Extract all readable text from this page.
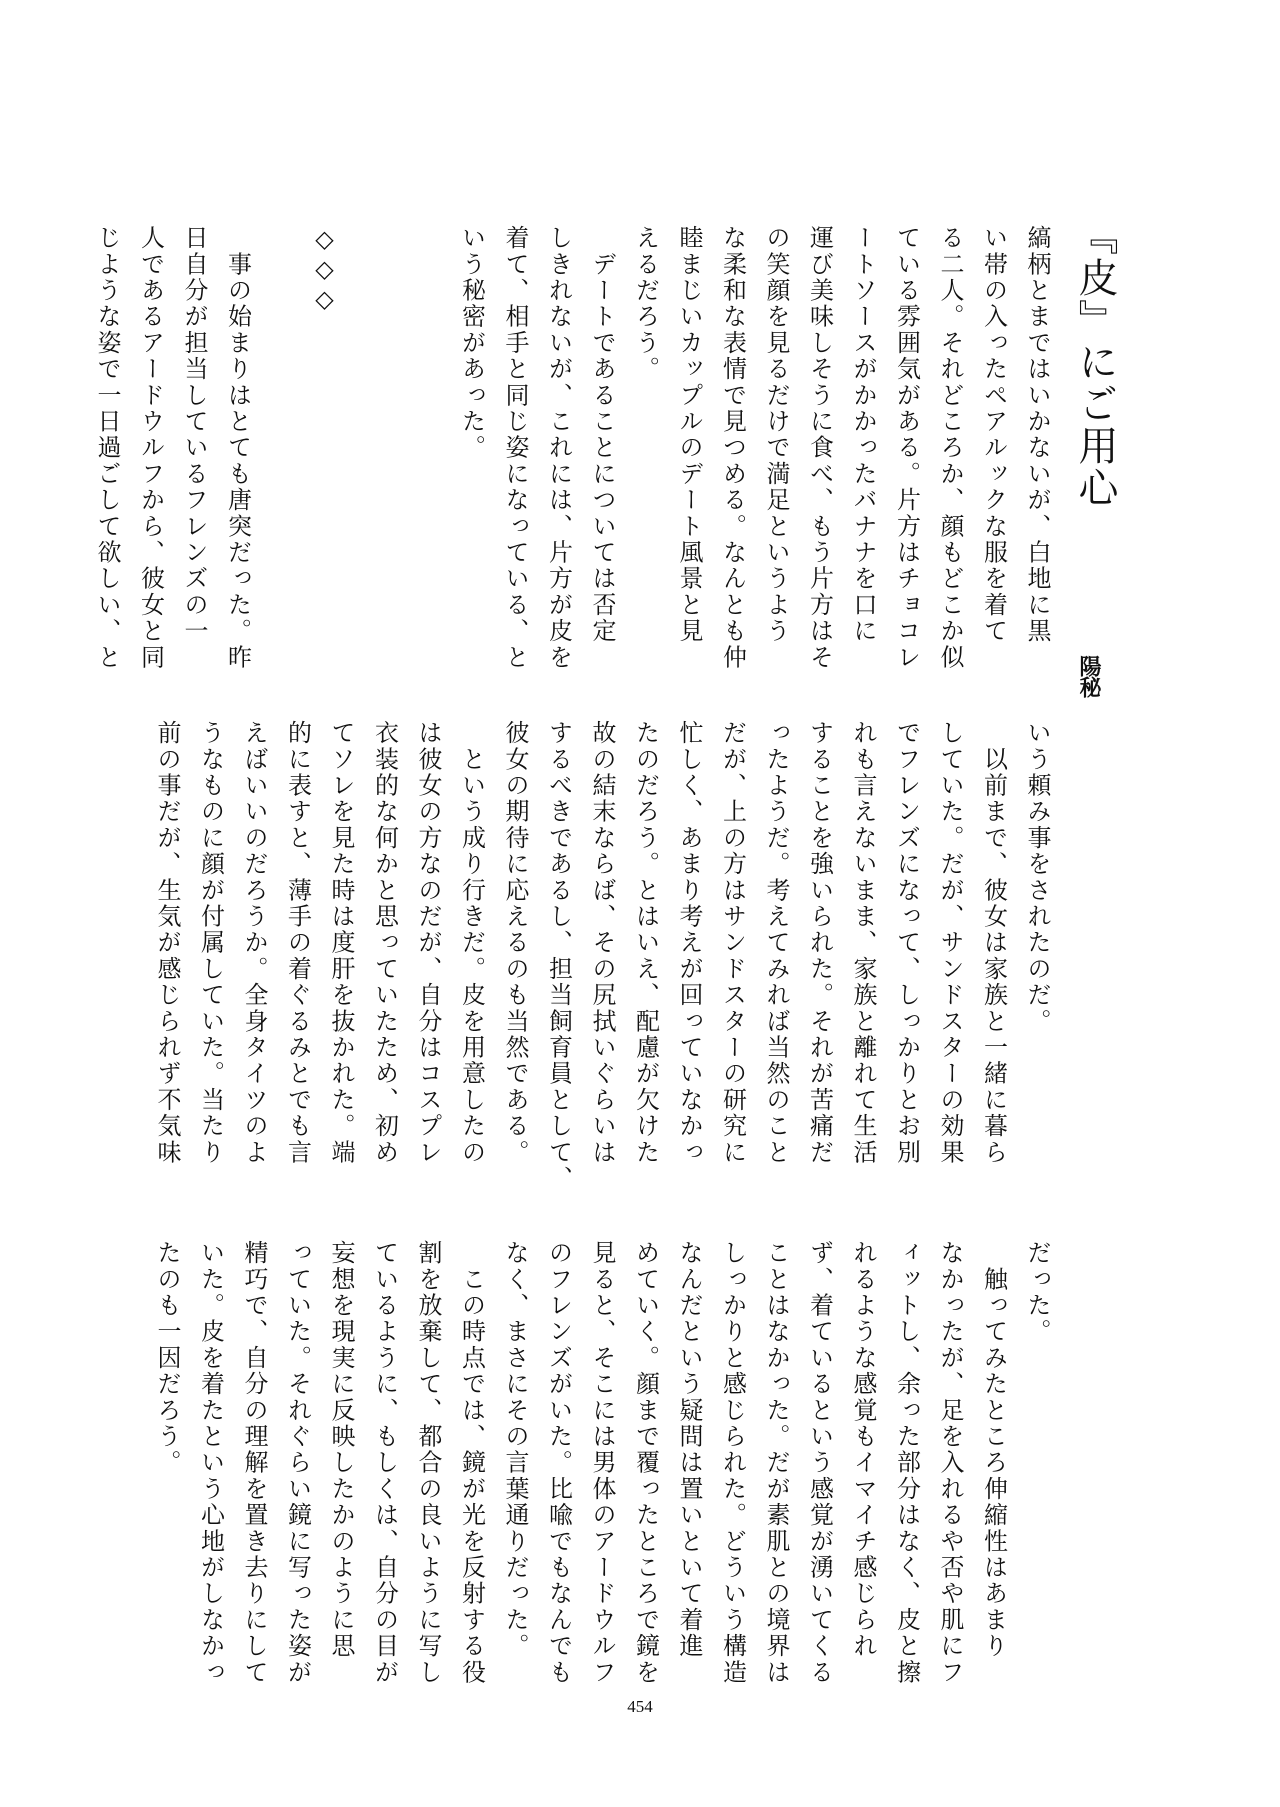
『皮』にご用心
陽秘
縞柄とまではいかないが、白地に黒
い帯の入ったペアルックな服を着て
る二人。それどころか、顔もどこか似
ている雰囲気がある。片方はチョコレ
ートソースがかかったバナナを口に
運び美味しそうに食べ、もう片方はそ
の笑顔を見るだけで満足というよう
な柔和な表情で見つめる。なんとも仲
睦まじいカップルのデート風景と見
えるだろう。
　デートであることについては否定
しきれないが、これには、片方が皮を
着て、相手と同じ姿になっている、と
いう秘密があった。

◇◇◇

　事の始まりはとても唐突だった。昨
日自分が担当しているフレンズの一
人であるアードウルフから、彼女と同
じような姿で一日過ごして欲しい、と
いう頼み事をされたのだ。
　以前まで、彼女は家族と一緒に暮ら
していた。だが、サンドスターの効果
でフレンズになって、しっかりとお別
れも言えないまま、家族と離れて生活
することを強いられた。それが苦痛だ
ったようだ。考えてみれば当然のこと
だが、上の方はサンドスターの研究に
忙しく、あまり考えが回っていなかっ
たのだろう。とはいえ、配慮が欠けた
故の結末ならば、その尻拭いぐらいは
するべきであるし、担当飼育員として、
彼女の期待に応えるのも当然である。
　という成り行きだ。皮を用意したの
は彼女の方なのだが、自分はコスプレ
衣装的な何かと思っていたため、初め
てソレを見た時は度肝を抜かれた。端
的に表すと、薄手の着ぐるみとでも言
えばいいのだろうか。全身タイツのよ
うなものに顔が付属していた。当たり
前の事だが、生気が感じられず不気味
だった。
　触ってみたところ伸縮性はあまり
なかったが、足を入れるや否や肌にフ
ィットし、余った部分はなく、皮と擦
れるような感覚もイマイチ感じられ
ず、着ているという感覚が湧いてくる
ことはなかった。だが素肌との境界は
しっかりと感じられた。どういう構造
なんだという疑問は置いといて着進
めていく。顔まで覆ったところで鏡を
見ると、そこには男体のアードウルフ
のフレンズがいた。比喩でもなんでも
なく、まさにその言葉通りだった。
　この時点では、鏡が光を反射する役
割を放棄して、都合の良いように写し
ているように、もしくは、自分の目が
妄想を現実に反映したかのように思
っていた。それぐらい鏡に写った姿が
精巧で、自分の理解を置き去りにして
いた。皮を着たという心地がしなかっ
たのも一因だろう。
454
